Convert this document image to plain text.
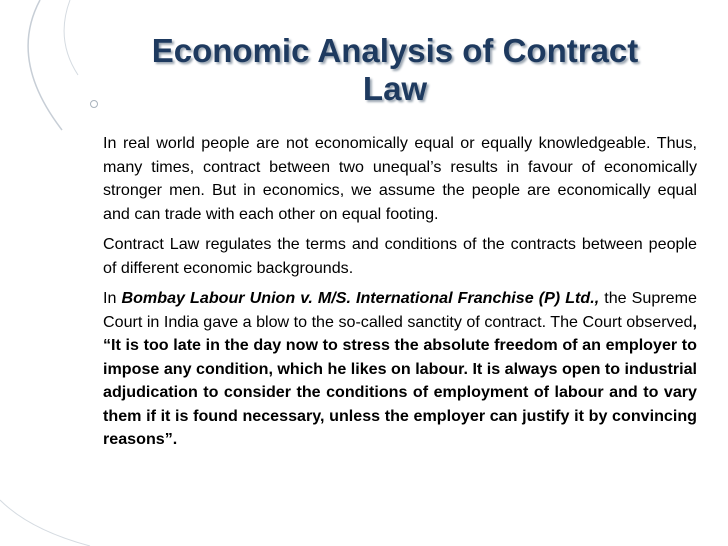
Economic Analysis of Contract
Law

In real world people are not economically equal or equally knowledgeable. Thus, many times, contract between two unequal’s results in favour of economically stronger men. But in economics, we assume the people are economically equal and can trade with each other on equal footing.

Contract Law regulates the terms and conditions of the contracts between people of different economic backgrounds.

In Bombay Labour Union v. M/S. International Franchise (P) Ltd., the Supreme Court in India gave a blow to the so-called sanctity of contract. The Court observed, “It is too late in the day now to stress the absolute freedom of an employer to impose any condition, which he likes on labour. It is always open to industrial adjudication to consider the conditions of employment of labour and to vary them if it is found necessary, unless the employer can justify it by convincing reasons”.
